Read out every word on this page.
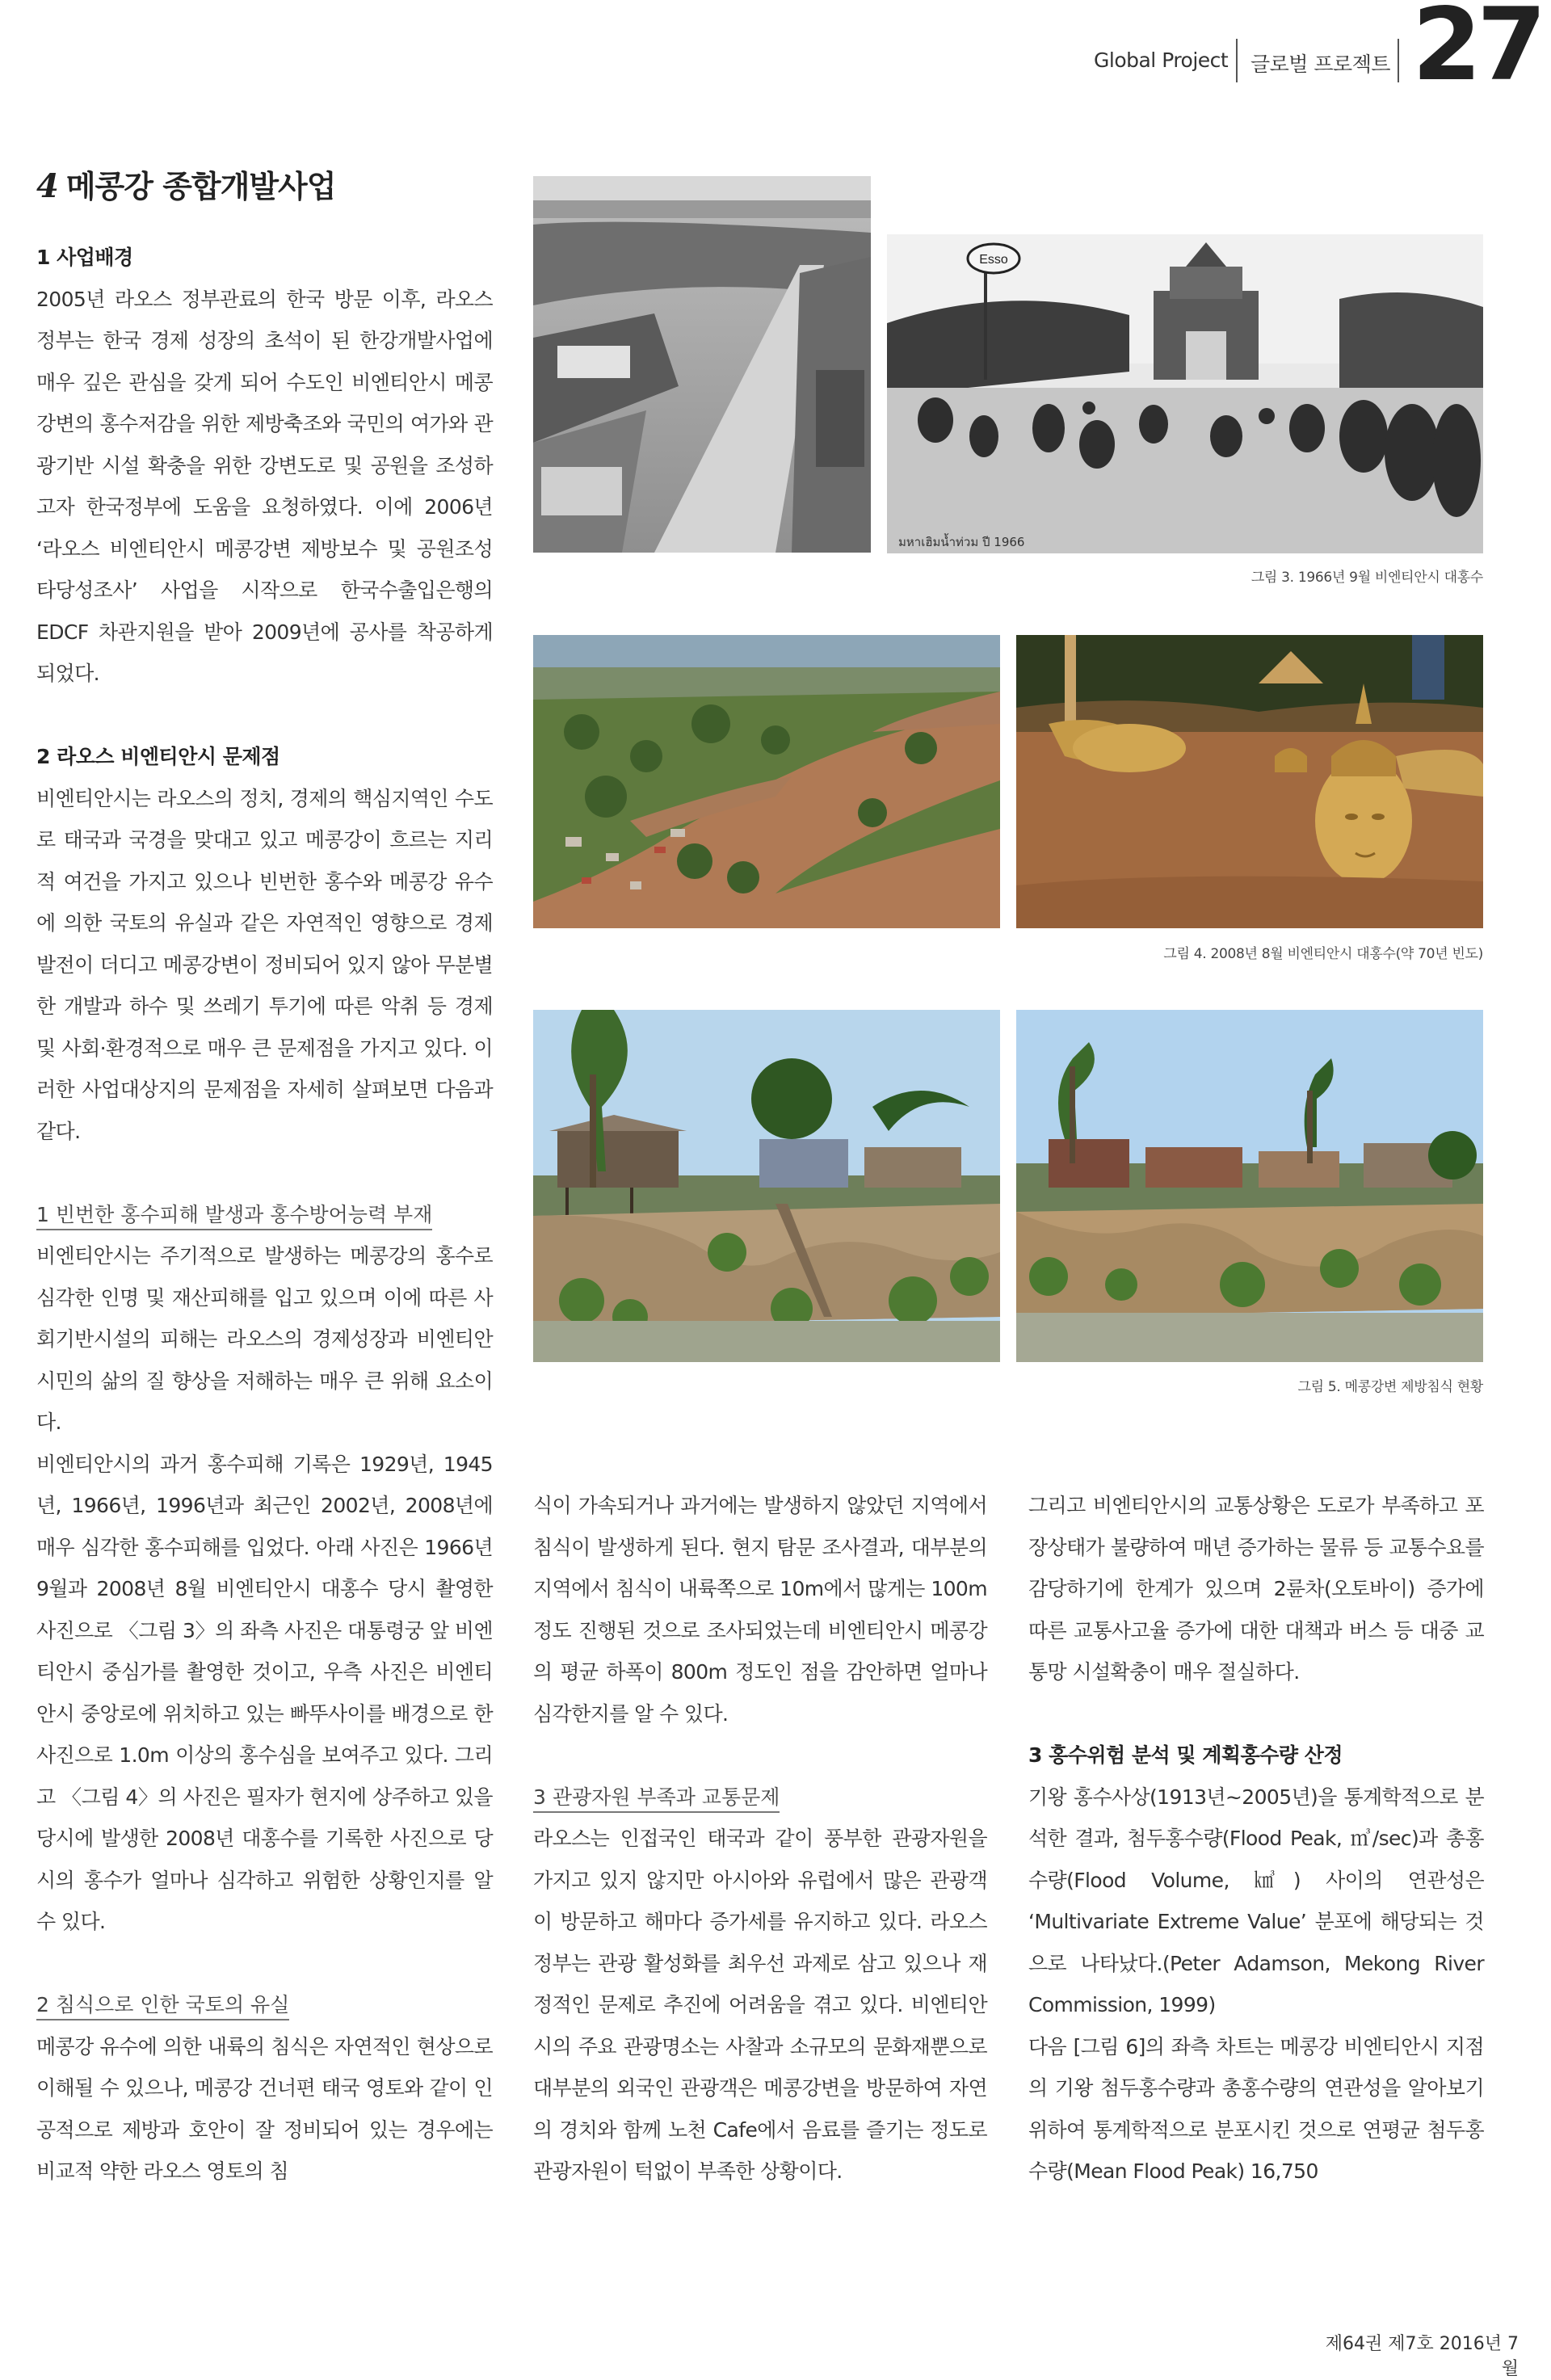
Global Project 글로벌 프로젝트 27
4 메콩강 종합개발사업
1 사업배경

2005년 라오스 정부관료의 한국 방문 이후, 라오스 정부는 한국 경제 성장의 초석이 된 한강개발사업에 매우 깊은 관심을 갖게 되어 수도인 비엔티안시 메콩강변의 홍수저감을 위한 제방축조와 국민의 여가와 관광기반 시설 확충을 위한 강변도로 및 공원을 조성하고자 한국정부에 도움을 요청하였다. 이에 2006년 ‘라오스 비엔티안시 메콩강변 제방보수 및 공원조성 타당성조사’ 사업을 시작으로 한국수출입은행의 EDCF 차관지원을 받아 2009년에 공사를 착공하게 되었다.

2 라오스 비엔티안시 문제점

비엔티안시는 라오스의 정치, 경제의 핵심지역인 수도로 태국과 국경을 맞대고 있고 메콩강이 흐르는 지리적 여건을 가지고 있으나 빈번한 홍수와 메콩강 유수에 의한 국토의 유실과 같은 자연적인 영향으로 경제발전이 더디고 메콩강변이 정비되어 있지 않아 무분별한 개발과 하수 및 쓰레기 투기에 따른 악취 등 경제 및 사회·환경적으로 매우 큰 문제점을 가지고 있다. 이러한 사업대상지의 문제점을 자세히 살펴보면 다음과 같다.

1 빈번한 홍수피해 발생과 홍수방어능력 부재

비엔티안시는 주기적으로 발생하는 메콩강의 홍수로 심각한 인명 및 재산피해를 입고 있으며 이에 따른 사회기반시설의 피해는 라오스의 경제성장과 비엔티안 시민의 삶의 질 향상을 저해하는 매우 큰 위해 요소이다.

비엔티안시의 과거 홍수피해 기록은 1929년, 1945년, 1966년, 1996년과 최근인 2002년, 2008년에 매우 심각한 홍수피해를 입었다. 아래 사진은 1966년 9월과 2008년 8월 비엔티안시 대홍수 당시 촬영한 사진으로 〈그림 3〉의 좌측 사진은 대통령궁 앞 비엔티안시 중심가를 촬영한 것이고, 우측 사진은 비엔티안시 중앙로에 위치하고 있는 빠뚜사이를 배경으로 한 사진으로 1.0m 이상의 홍수심을 보여주고 있다. 그리고 〈그림 4〉의 사진은 필자가 현지에 상주하고 있을 당시에 발생한 2008년 대홍수를 기록한 사진으로 당시의 홍수가 얼마나 심각하고 위험한 상황인지를 알 수 있다.

2 침식으로 인한 국토의 유실

메콩강 유수에 의한 내륙의 침식은 자연적인 현상으로 이해될 수 있으나, 메콩강 건너편 태국 영토와 같이 인공적으로 제방과 호안이 잘 정비되어 있는 경우에는 비교적 약한 라오스 영토의 침

식이 가속되거나 과거에는 발생하지 않았던 지역에서 침식이 발생하게 된다. 현지 탐문 조사결과, 대부분의 지역에서 침식이 내륙쪽으로 10m에서 많게는 100m 정도 진행된 것으로 조사되었는데 비엔티안시 메콩강의 평균 하폭이 800m 정도인 점을 감안하면 얼마나 심각한지를 알 수 있다.

3 관광자원 부족과 교통문제

라오스는 인접국인 태국과 같이 풍부한 관광자원을 가지고 있지 않지만 아시아와 유럽에서 많은 관광객이 방문하고 해마다 증가세를 유지하고 있다. 라오스 정부는 관광 활성화를 최우선 과제로 삼고 있으나 재정적인 문제로 추진에 어려움을 겪고 있다. 비엔티안시의 주요 관광명소는 사찰과 소규모의 문화재뿐으로 대부분의 외국인 관광객은 메콩강변을 방문하여 자연의 경치와 함께 노천 Cafe에서 음료를 즐기는 정도로 관광자원이 턱없이 부족한 상황이다.

그리고 비엔티안시의 교통상황은 도로가 부족하고 포장상태가 불량하여 매년 증가하는 물류 등 교통수요를 감당하기에 한계가 있으며 2륜차(오토바이) 증가에 따른 교통사고율 증가에 대한 대책과 버스 등 대중 교통망 시설확충이 매우 절실하다.

3 홍수위험 분석 및 계획홍수량 산정

기왕 홍수사상(1913년~2005년)을 통계학적으로 분석한 결과, 첨두홍수량(Flood Peak, ㎥/sec)과 총홍수량(Flood Volume, ㎦) 사이의 연관성은 ‘Multivariate Extreme Value’ 분포에 해당되는 것으로 나타났다.(Peter Adamson, Mekong River Commission, 1999)

다음 [그림 6]의 좌측 차트는 메콩강 비엔티안시 지점의 기왕 첨두홍수량과 총홍수량의 연관성을 알아보기 위하여 통계학적으로 분포시킨 것으로 연평균 첨두홍수량(Mean Flood Peak) 16,750

Esso
มหาเฮิมนํ้าท่วม ปี 1966
그림 3. 1966년 9월 비엔티안시 대홍수
그림 4. 2008년 8월 비엔티안시 대홍수(약 70년 빈도)
그림 5. 메콩강변 제방침식 현황
제64권 제7호 2016년 7월
